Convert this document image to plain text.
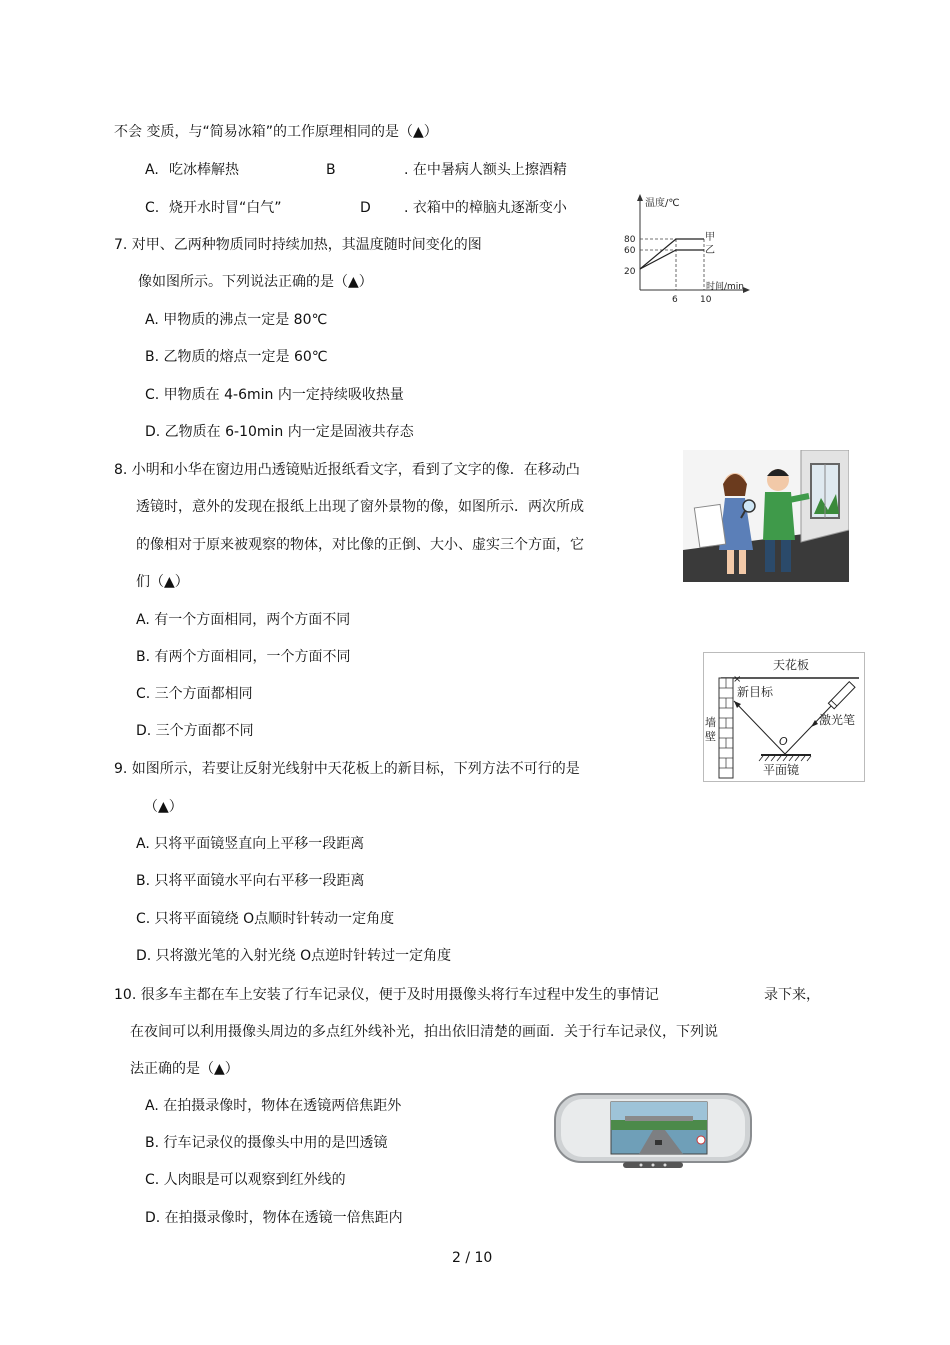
不会 变质，与“简易冰箱”的工作原理相同的是（▲）
A. 吃冰棒解热	B	. 在中暑病人额头上擦酒精
C. 烧开水时冒“白气”	D . 衣箱中的樟脑丸逐渐变小
7. 对甲、乙两种物质同时持续加热，其温度随时间变化的图
像如图所示。下列说法正确的是（▲）
A. 甲物质的沸点一定是 80℃
B. 乙物质的熔点一定是 60℃
C. 甲物质在 4-6min 内一定持续吸收热量
D. 乙物质在 6-10min 内一定是固液共存态
温度/℃
时间/min
80
60
20
6 10
甲
乙
8. 小明和小华在窗边用凸透镜贴近报纸看文字，看到了文字的像．在移动凸
透镜时，意外的发现在报纸上出现了窗外景物的像，如图所示．两次所成
的像相对于原来被观察的物体，对比像的正倒、大小、虚实三个方面，它
们（▲）
A. 有一个方面相同，两个方面不同
B. 有两个方面相同，一个方面不同
C. 三个方面都相同
D. 三个方面都不同
9. 如图所示，若要让反射光线射中天花板上的新目标，下列方法不可行的是
（▲）
A. 只将平面镜竖直向上平移一段距离
B. 只将平面镜水平向右平移一段距离
C. 只将平面镜绕 O点顺时针转动一定角度
D. 只将激光笔的入射光绕 O点逆时针转过一定角度
天花板
墙
壁
×
新目标
激光笔
O
平面镜
10. 很多车主都在车上安装了行车记录仪，便于及时用摄像头将行车过程中发生的事情记	录下来，
在夜间可以利用摄像头周边的多点红外线补光，拍出依旧清楚的画面．关于行车记录仪，下列说
法正确的是（▲）
A. 在拍摄录像时，物体在透镜两倍焦距外
B. 行车记录仪的摄像头中用的是凹透镜
C. 人肉眼是可以观察到红外线的
D. 在拍摄录像时，物体在透镜一倍焦距内
2 / 10
